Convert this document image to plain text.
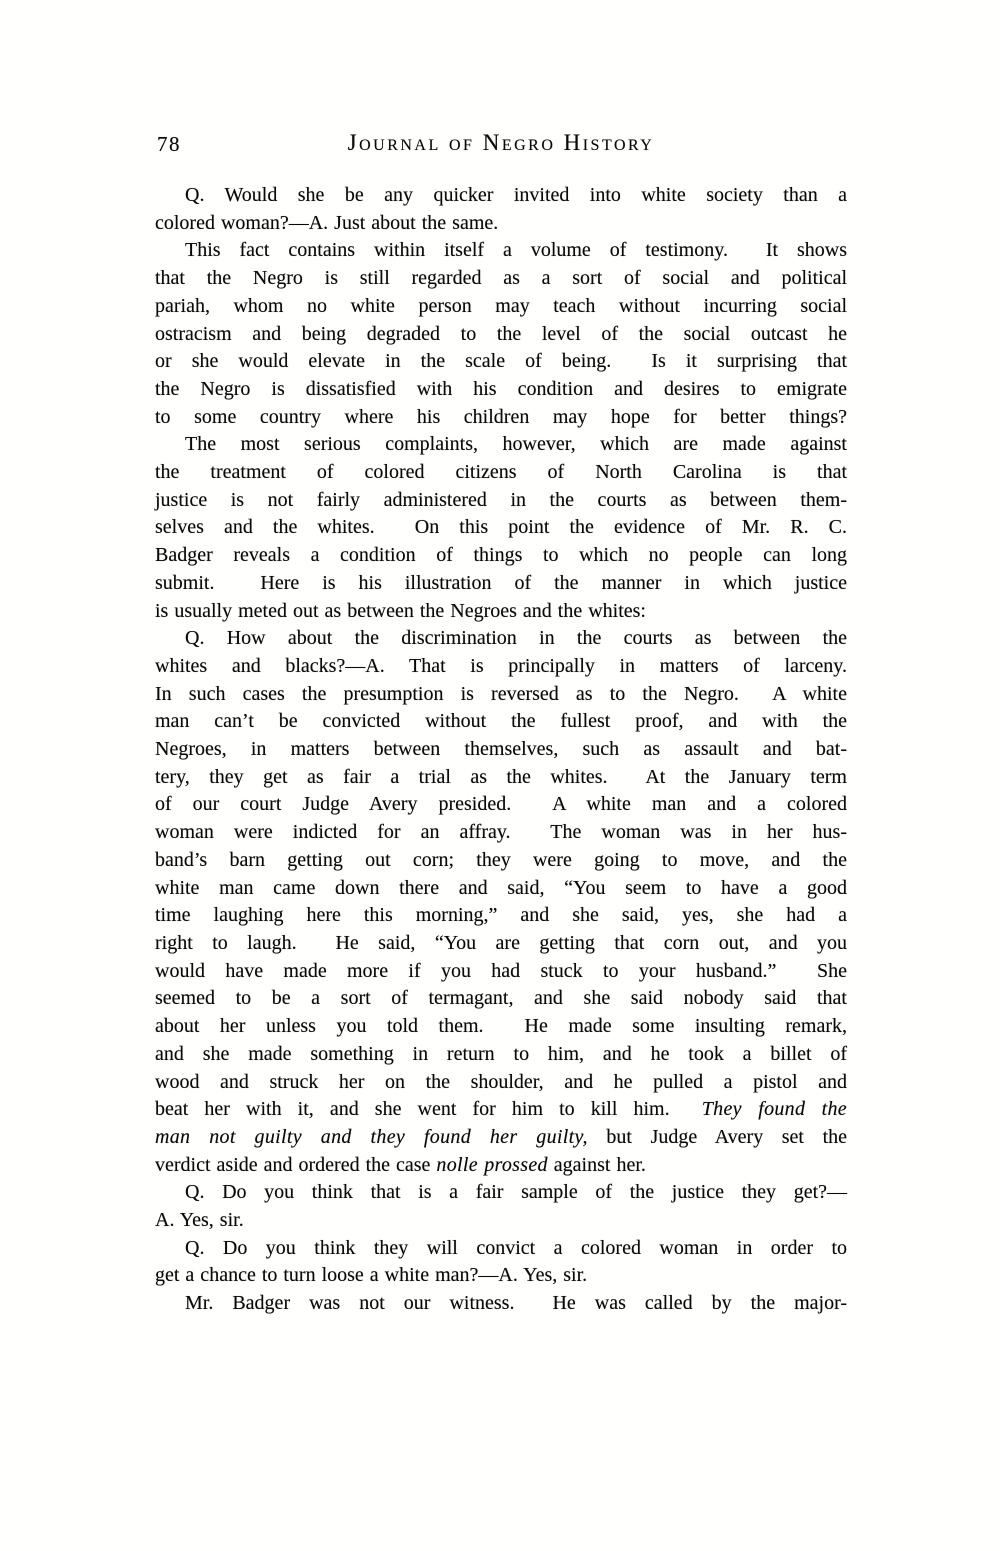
78	Journal of Negro History
Q. Would she be any quicker invited into white society than a
colored woman?—A. Just about the same.
This fact contains within itself a volume of testimony.  It shows
that the Negro is still regarded as a sort of social and political
pariah, whom no white person may teach without incurring social
ostracism and being degraded to the level of the social outcast he
or she would elevate in the scale of being.  Is it surprising that
the Negro is dissatisfied with his condition and desires to emigrate
to some country where his children may hope for better things?
The most serious complaints, however, which are made against
the treatment of colored citizens of North Carolina is that
justice is not fairly administered in the courts as between them-
selves and the whites.  On this point the evidence of Mr. R. C.
Badger reveals a condition of things to which no people can long
submit.  Here is his illustration of the manner in which justice
is usually meted out as between the Negroes and the whites:
Q. How about the discrimination in the courts as between the
whites and blacks?—A. That is principally in matters of larceny.
In such cases the presumption is reversed as to the Negro.  A white
man can’t be convicted without the fullest proof, and with the
Negroes, in matters between themselves, such as assault and bat-
tery, they get as fair a trial as the whites.  At the January term
of our court Judge Avery presided.  A white man and a colored
woman were indicted for an affray.  The woman was in her hus-
band’s barn getting out corn; they were going to move, and the
white man came down there and said, “You seem to have a good
time laughing here this morning,” and she said, yes, she had a
right to laugh.  He said, “You are getting that corn out, and you
would have made more if you had stuck to your husband.”  She
seemed to be a sort of termagant, and she said nobody said that
about her unless you told them.  He made some insulting remark,
and she made something in return to him, and he took a billet of
wood and struck her on the shoulder, and he pulled a pistol and
beat her with it, and she went for him to kill him.  They found the
man not guilty and they found her guilty, but Judge Avery set the
verdict aside and ordered the case nolle prossed against her.
Q. Do you think that is a fair sample of the justice they get?—
A. Yes, sir.
Q. Do you think they will convict a colored woman in order to
get a chance to turn loose a white man?—A. Yes, sir.
Mr. Badger was not our witness.  He was called by the major-
